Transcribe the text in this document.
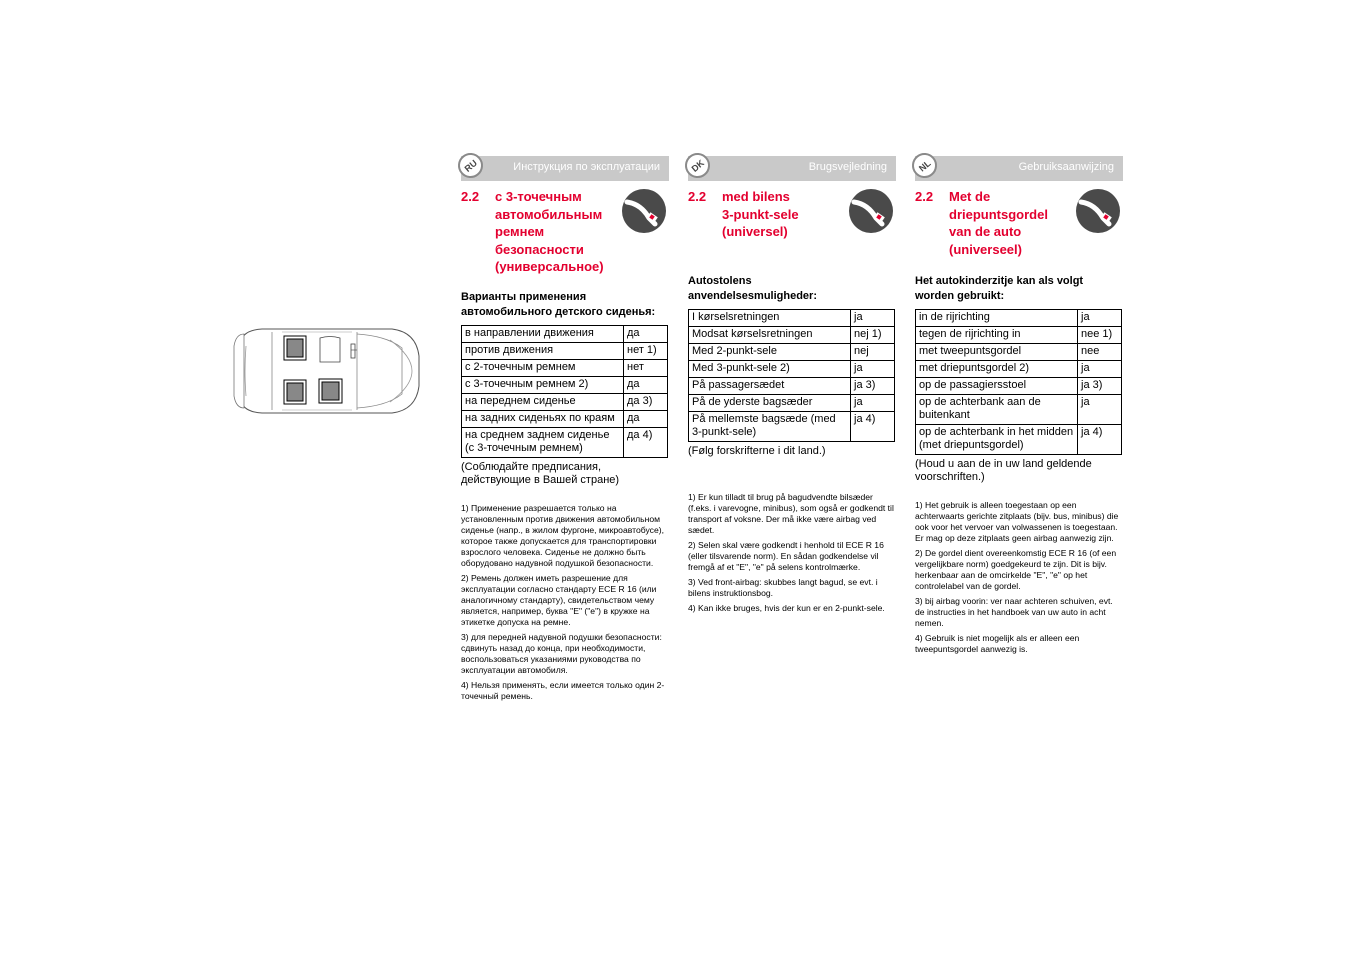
RU	Инструкция по эксплуатации
2.2 с 3-точечным
автомобильным
ремнем
безопасности
(универсальное)
Варианты применения
автомобильного детского сиденья:
в направлении движения	да
против движения	нет 1)
с 2-точечным ремнем	нет
с 3-точечным ремнем 2)	да
на переднем сиденье	да 3)
на задних сиденьях по краям	да
на среднем заднем сиденье (с 3-точечным ремнем)	да 4)
(Соблюдайте предписания, действующие в Вашей стране)

1) Применение разрешается только на установленным против движения автомобильном сиденье (напр., в жилом фургоне, микроавтобусе), которое также допускается для транспортировки взрослого человека. Сиденье не должно быть оборудовано надувной подушкой безопасности.

2) Ремень должен иметь разрешение для эксплуатации согласно стандарту ECE R 16 (или аналогичному стандарту), свидетельством чему является, например, буква "E" ("e") в кружке на этикетке допуска на ремне.

3) для передней надувной подушки безопасности: сдвинуть назад до конца, при необходимости, воспользоваться указаниями руководства по эксплуатации автомобиля.

4) Нельзя применять, если имеется только один 2-точечный ремень.

DK	Brugsvejledning
2.2 med bilens
3-punkt-sele
(universel)
Autostolens
anvendelsesmuligheder:
I kørselsretningen	ja
Modsat kørselsretningen	nej 1)
Med 2-punkt-sele	nej
Med 3-punkt-sele 2)	ja
På passagersædet	ja 3)
På de yderste bagsæder	ja
På mellemste bagsæde (med 3-punkt-sele)	ja 4)
(Følg forskrifterne i dit land.)

1) Er kun tilladt til brug på bagudvendte bilsæder (f.eks. i varevogne, minibus), som også er godkendt til transport af voksne. Der må ikke være airbag ved sædet.

2) Selen skal være godkendt i henhold til ECE R 16 (eller tilsvarende norm). En sådan godkendelse vil fremgå af et "E", "e" på selens kontrolmærke.

3) Ved front-airbag: skubbes langt bagud, se evt. i bilens instruktionsbog.

4) Kan ikke bruges, hvis der kun er en 2-punkt-sele.

NL	Gebruiksaanwijzing
2.2 Met de
driepuntsgordel
van de auto
(universeel)
Het autokinderzitje kan als volgt
worden gebruikt:
in de rijrichting	ja
tegen de rijrichting in	nee 1)
met tweepuntsgordel	nee
met driepuntsgordel 2)	ja
op de passagiersstoel	ja 3)
op de achterbank aan de buitenkant	ja
op de achterbank in het midden (met driepuntsgordel)	ja 4)
(Houd u aan de in uw land geldende voorschriften.)

1) Het gebruik is alleen toegestaan op een achterwaarts gerichte zitplaats (bijv. bus, minibus) die ook voor het vervoer van volwassenen is toegestaan. Er mag op deze zitplaats geen airbag aanwezig zijn.

2) De gordel dient overeenkomstig ECE R 16 (of een vergelijkbare norm) goedgekeurd te zijn. Dit is bijv. herkenbaar aan de omcirkelde "E", "e" op het controlelabel van de gordel.

3) bij airbag voorin: ver naar achteren schuiven, evt. de instructies in het handboek van uw auto in acht nemen.

4) Gebruik is niet mogelijk als er alleen een tweepuntsgordel aanwezig is.
